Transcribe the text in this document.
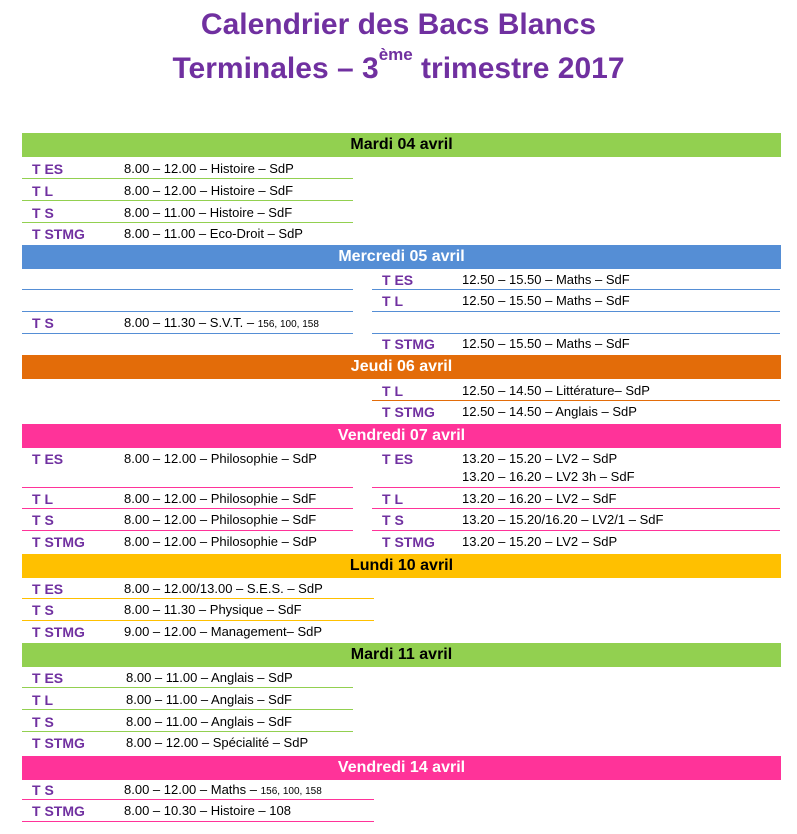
Calendrier des Bacs Blancs
Terminales – 3ème trimestre 2017
Mardi 04 avril
T ES	8.00 – 12.00 – Histoire – SdP
T L	8.00 – 12.00 – Histoire – SdF
T S	8.00 – 11.00 – Histoire – SdF
T STMG	8.00 – 11.00 – Eco-Droit – SdP
Mercredi 05 avril
T S	8.00 – 11.30 – S.V.T. – 156, 100, 158
T ES	12.50 – 15.50 – Maths – SdF
T L	12.50 – 15.50 – Maths – SdF
T STMG 12.50 – 15.50 – Maths – SdF
Jeudi 06 avril
T L	12.50 – 14.50 – Littérature– SdP
T STMG 12.50 – 14.50 – Anglais – SdP
Vendredi 07 avril
T ES	8.00 – 12.00 – Philosophie – SdP
T L	8.00 – 12.00 – Philosophie – SdF
T S	8.00 – 12.00 – Philosophie – SdF
T STMG	8.00 – 12.00 – Philosophie – SdP
T ES	13.20 – 15.20 – LV2 – SdP
13.20 – 16.20 – LV2 3h – SdF
T L	13.20 – 16.20 – LV2 – SdF
T S	13.20 – 15.20/16.20 – LV2/1 – SdF
T STMG 13.20 – 15.20 – LV2 – SdP
Lundi 10 avril
T ES	8.00 – 12.00/13.00 – S.E.S. – SdP
T S	8.00 – 11.30 – Physique – SdF
T STMG	9.00 – 12.00 – Management– SdP
Mardi 11 avril
T ES	8.00 – 11.00 – Anglais – SdP
T L	8.00 – 11.00 – Anglais – SdF
T S	8.00 – 11.00 – Anglais – SdF
T STMG	8.00 – 12.00 – Spécialité – SdP
Vendredi 14 avril
T S	8.00 – 12.00 – Maths – 156, 100, 158
T STMG	8.00 – 10.30 – Histoire – 108
